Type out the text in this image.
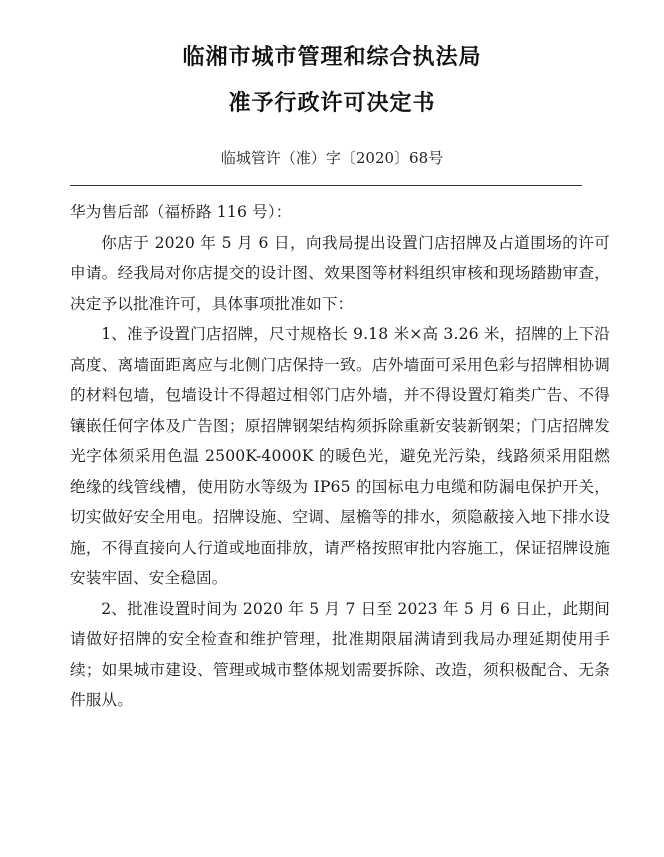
临湘市城市管理和综合执法局
准予行政许可决定书
临城管许（准）字〔2020〕68号

华为售后部（福桥路 116 号）：

你店于 2020 年 5 月 6 日，向我局提出设置门店招牌及占道围场的许可申请。经我局对你店提交的设计图、效果图等材料组织审核和现场踏勘审查，决定予以批准许可，具体事项批准如下：

1、准予设置门店招牌，尺寸规格长 9.18 米×高 3.26 米，招牌的上下沿高度、离墙面距离应与北侧门店保持一致。店外墙面可采用色彩与招牌相协调的材料包墙，包墙设计不得超过相邻门店外墙，并不得设置灯箱类广告、不得镶嵌任何字体及广告图；原招牌钢架结构须拆除重新安装新钢架；门店招牌发光字体须采用色温 2500K-4000K 的暖色光，避免光污染，线路须采用阻燃绝缘的线管线槽，使用防水等级为 IP65 的国标电力电缆和防漏电保护开关，切实做好安全用电。招牌设施、空调、屋檐等的排水，须隐蔽接入地下排水设施，不得直接向人行道或地面排放，请严格按照审批内容施工，保证招牌设施安装牢固、安全稳固。

2、批准设置时间为 2020 年 5 月 7 日至 2023 年 5 月 6 日止，此期间请做好招牌的安全检查和维护管理，批准期限届满请到我局办理延期使用手续；如果城市建设、管理或城市整体规划需要拆除、改造，须积极配合、无条件服从。
